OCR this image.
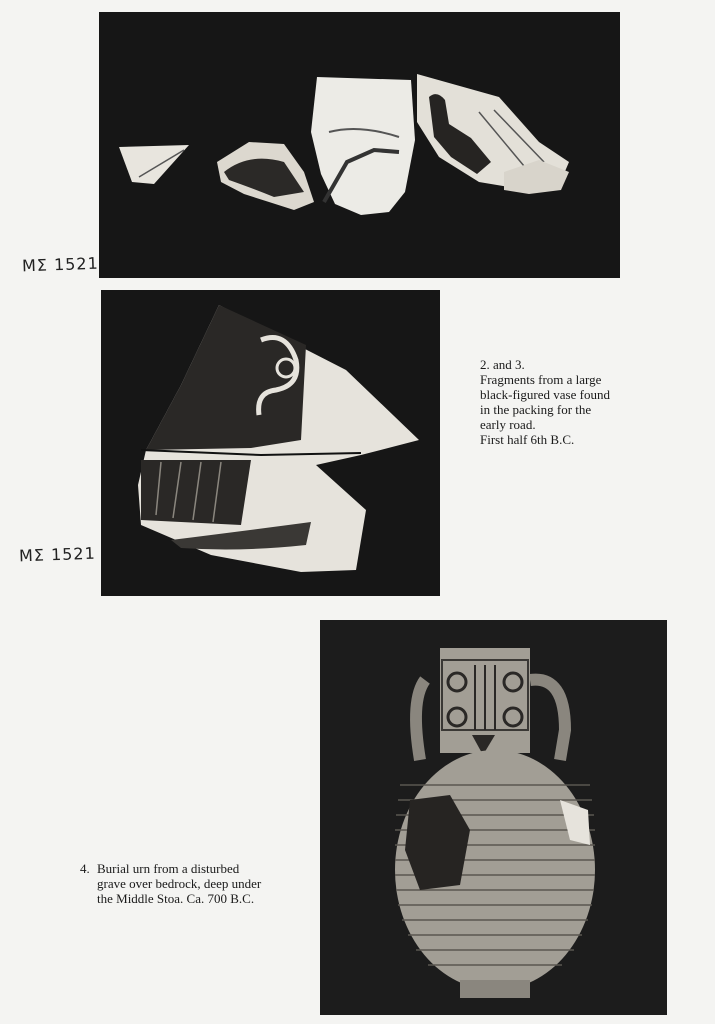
ΜΣ 1521
ΜΣ 1521
2. and 3.
Fragments from a large
black-figured vase found
in the packing for the
early road.
First half 6th B.C.
4. Burial urn from a disturbed
grave over bedrock, deep under
the Middle Stoa. Ca. 700 B.C.
